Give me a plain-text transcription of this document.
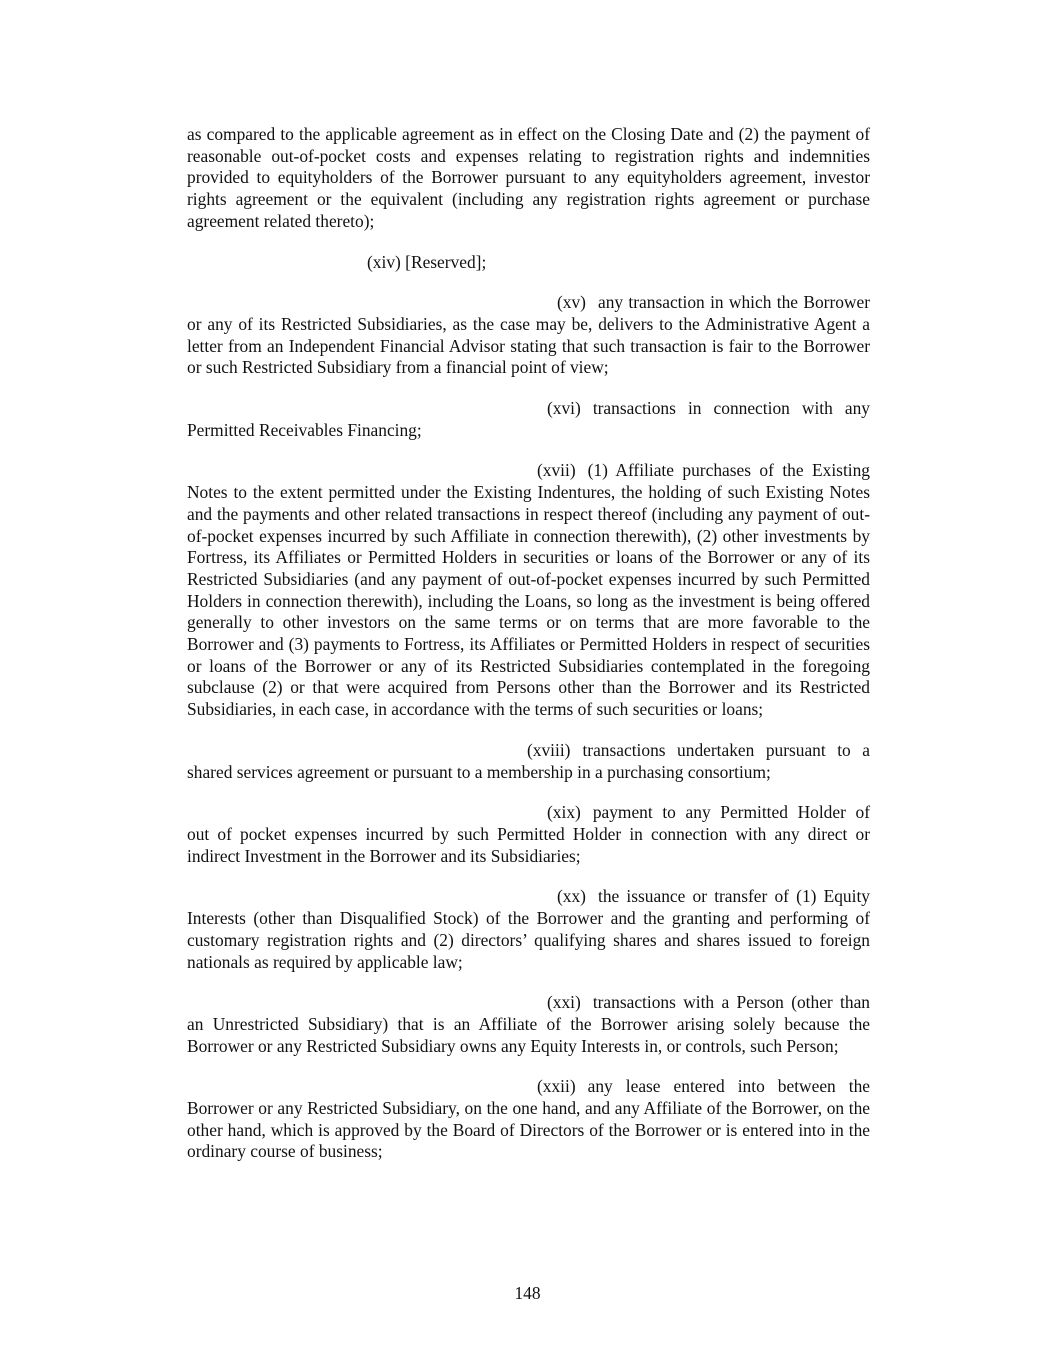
as compared to the applicable agreement as in effect on the Closing Date and (2) the payment of reasonable out-of-pocket costs and expenses relating to registration rights and indemnities provided to equityholders of the Borrower pursuant to any equityholders agreement, investor rights agreement or the equivalent (including any registration rights agreement or purchase agreement related thereto);

(xiv) [Reserved];

(xv) any transaction in which the Borrower or any of its Restricted Subsidiaries, as the case may be, delivers to the Administrative Agent a letter from an Independent Financial Advisor stating that such transaction is fair to the Borrower or such Restricted Subsidiary from a financial point of view;

(xvi) transactions in connection with any Permitted Receivables Financing;

(xvii) (1) Affiliate purchases of the Existing Notes to the extent permitted under the Existing Indentures, the holding of such Existing Notes and the payments and other related transactions in respect thereof (including any payment of out-of-pocket expenses incurred by such Affiliate in connection therewith), (2) other investments by Fortress, its Affiliates or Permitted Holders in securities or loans of the Borrower or any of its Restricted Subsidiaries (and any payment of out-of-pocket expenses incurred by such Permitted Holders in connection therewith), including the Loans, so long as the investment is being offered generally to other investors on the same terms or on terms that are more favorable to the Borrower and (3) payments to Fortress, its Affiliates or Permitted Holders in respect of securities or loans of the Borrower or any of its Restricted Subsidiaries contemplated in the foregoing subclause (2) or that were acquired from Persons other than the Borrower and its Restricted Subsidiaries, in each case, in accordance with the terms of such securities or loans;

(xviii) transactions undertaken pursuant to a shared services agreement or pursuant to a membership in a purchasing consortium;

(xix) payment to any Permitted Holder of out of pocket expenses incurred by such Permitted Holder in connection with any direct or indirect Investment in the Borrower and its Subsidiaries;

(xx) the issuance or transfer of (1) Equity Interests (other than Disqualified Stock) of the Borrower and the granting and performing of customary registration rights and (2) directors’ qualifying shares and shares issued to foreign nationals as required by applicable law;

(xxi) transactions with a Person (other than an Unrestricted Subsidiary) that is an Affiliate of the Borrower arising solely because the Borrower or any Restricted Subsidiary owns any Equity Interests in, or controls, such Person;

(xxii) any lease entered into between the Borrower or any Restricted Subsidiary, on the one hand, and any Affiliate of the Borrower, on the other hand, which is approved by the Board of Directors of the Borrower or is entered into in the ordinary course of business;

148
